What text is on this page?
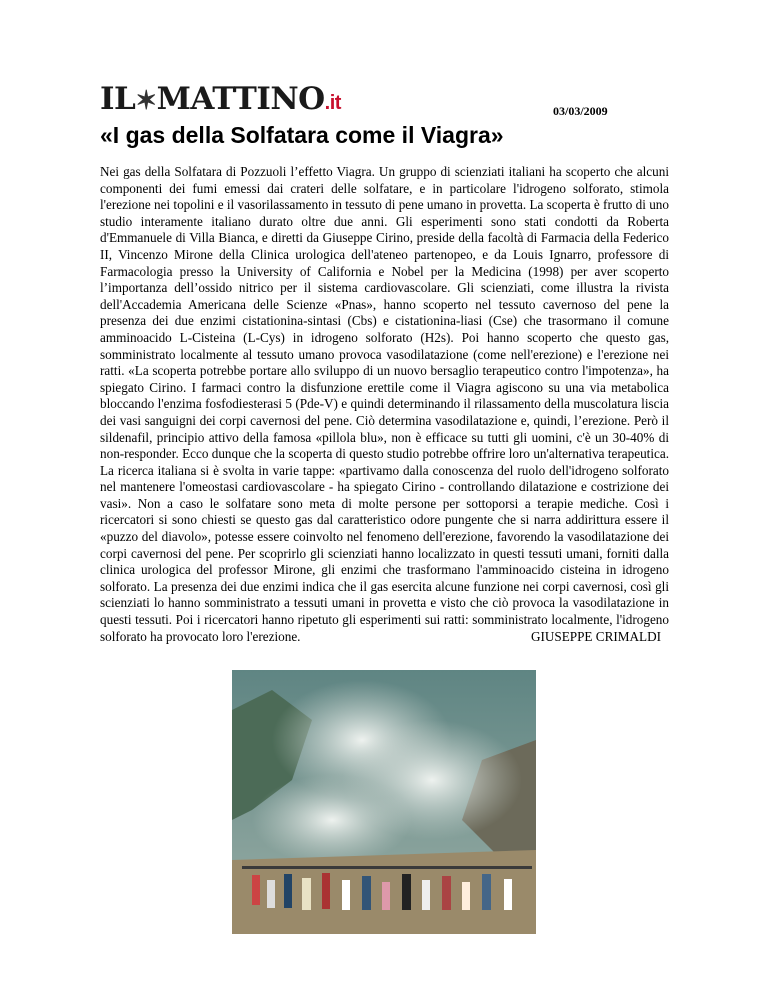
IL✶MATTINO.it	03/03/2009
«I gas della Solfatara come il Viagra»

Nei gas della Solfatara di Pozzuoli l’effetto Viagra. Un gruppo di scienziati italiani ha scoperto che alcuni componenti dei fumi emessi dai crateri delle solfatare, e in particolare l'idrogeno solforato, stimola l'erezione nei topolini e il vasorilassamento in tessuto di pene umano in provetta. La scoperta è frutto di uno studio interamente italiano durato oltre due anni. Gli esperimenti sono stati condotti da Roberta d'Emmanuele di Villa Bianca, e diretti da Giuseppe Cirino, preside della facoltà di Farmacia della Federico II, Vincenzo Mirone della Clinica urologica dell'ateneo partenopeo, e da Louis Ignarro, professore di Farmacologia presso la University of California e Nobel per la Medicina (1998) per aver scoperto l’importanza dell’ossido nitrico per il sistema cardiovascolare. Gli scienziati, come illustra la rivista dell'Accademia Americana delle Scienze «Pnas», hanno scoperto nel tessuto cavernoso del pene la presenza dei due enzimi cistationina-sintasi (Cbs) e cistationina-liasi (Cse) che trasormano il comune amminoacido L-Cisteina (L-Cys) in idrogeno solforato (H2s). Poi hanno scoperto che questo gas, somministrato localmente al tessuto umano provoca vasodilatazione (come nell'erezione) e l'erezione nei ratti. «La scoperta potrebbe portare allo sviluppo di un nuovo bersaglio terapeutico contro l'impotenza», ha spiegato Cirino. I farmaci contro la disfunzione erettile come il Viagra agiscono su una via metabolica bloccando l'enzima fosfodiesterasi 5 (Pde-V) e quindi determinando il rilassamento della muscolatura liscia dei vasi sanguigni dei corpi cavernosi del pene. Ciò determina vasodilatazione e, quindi, l’erezione. Però il sildenafil, principio attivo della famosa «pillola blu», non è efficace su tutti gli uomini, c'è un 30-40% di non-responder. Ecco dunque che la scoperta di questo studio potrebbe offrire loro un'alternativa terapeutica. La ricerca italiana si è svolta in varie tappe: «partivamo dalla conoscenza del ruolo dell'idrogeno solforato nel mantenere l'omeostasi cardiovascolare - ha spiegato Cirino - controllando dilatazione e costrizione dei vasi». Non a caso le solfatare sono meta di molte persone per sottoporsi a terapie mediche. Così i ricercatori si sono chiesti se questo gas dal caratteristico odore pungente che si narra addirittura essere il «puzzo del diavolo», potesse essere coinvolto nel fenomeno dell'erezione, favorendo la vasodilatazione dei corpi cavernosi del pene. Per scoprirlo gli scienziati hanno localizzato in questi tessuti umani, forniti dalla clinica urologica del professor Mirone, gli enzimi che trasformano l'amminoacido cisteina in idrogeno solforato. La presenza dei due enzimi indica che il gas esercita alcune funzione nei corpi cavernosi, così gli scienziati lo hanno somministrato a tessuti umani in provetta e visto che ciò provoca la vasodilatazione in questi tessuti. Poi i ricercatori hanno ripetuto gli esperimenti sui ratti: somministrato localmente, l'idrogeno solforato ha provocato loro l'erezione.	GIUSEPPE CRIMALDI
